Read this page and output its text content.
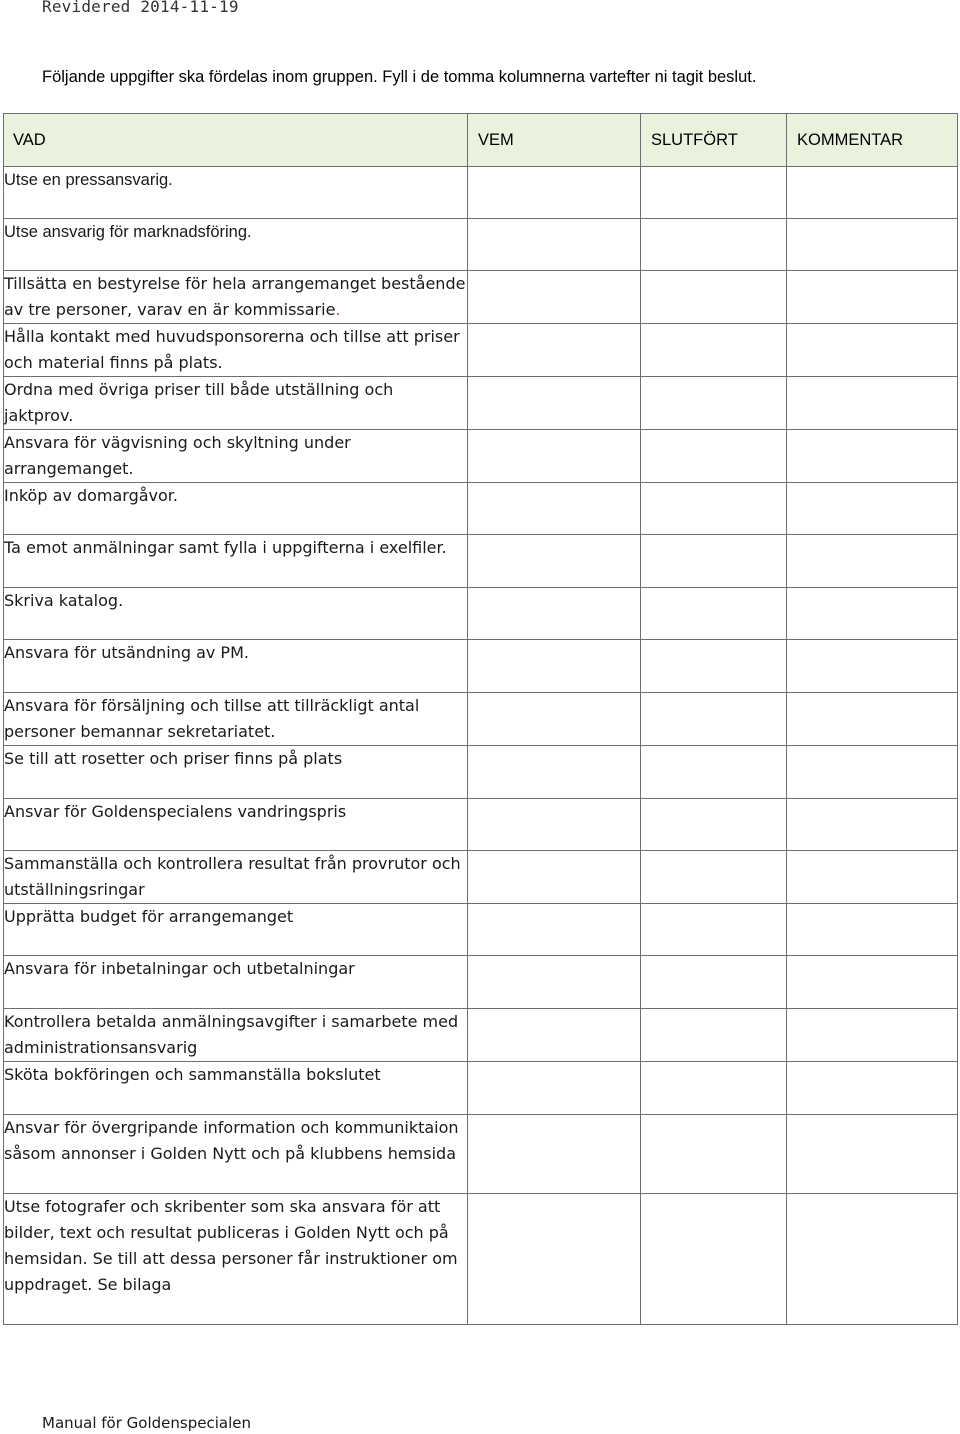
Revidered 2014-11-19
Följande uppgifter ska fördelas inom gruppen. Fyll i de tomma kolumnerna vartefter ni tagit beslut.
VAD	VEM	SLUTFÖRT	KOMMENTAR
Utse en pressansvarig.			
Utse ansvarig för marknadsföring.			
Tillsätta en bestyrelse för hela arrangemanget bestående av tre personer, varav en är kommissarie.			
Hålla kontakt med huvudsponsorerna och tillse att priser och material finns på plats.			
Ordna med övriga priser till både utställning och jaktprov.			
Ansvara för vägvisning och skyltning under arrangemanget.			
Inköp av domargåvor.			
Ta emot anmälningar samt fylla i uppgifterna i exelfiler.			
Skriva katalog.			
Ansvara för utsändning av PM.			
Ansvara för försäljning och tillse att tillräckligt antal personer bemannar sekretariatet.			
Se till att rosetter och priser finns på plats			
Ansvar för Goldenspecialens vandringspris			
Sammanställa och kontrollera resultat från provrutor och utställningsringar			
Upprätta budget för arrangemanget			
Ansvara för inbetalningar och utbetalningar			
Kontrollera betalda anmälningsavgifter i samarbete med administrationsansvarig			
Sköta bokföringen och sammanställa bokslutet			
Ansvar för övergripande information och kommuniktaion såsom annonser i Golden Nytt och på klubbens hemsida			
Utse fotografer och skribenter som ska ansvara för att bilder, text och resultat publiceras i Golden Nytt och på hemsidan. Se till att dessa personer får instruktioner om uppdraget. Se bilaga			
Manual för Goldenspecialen
